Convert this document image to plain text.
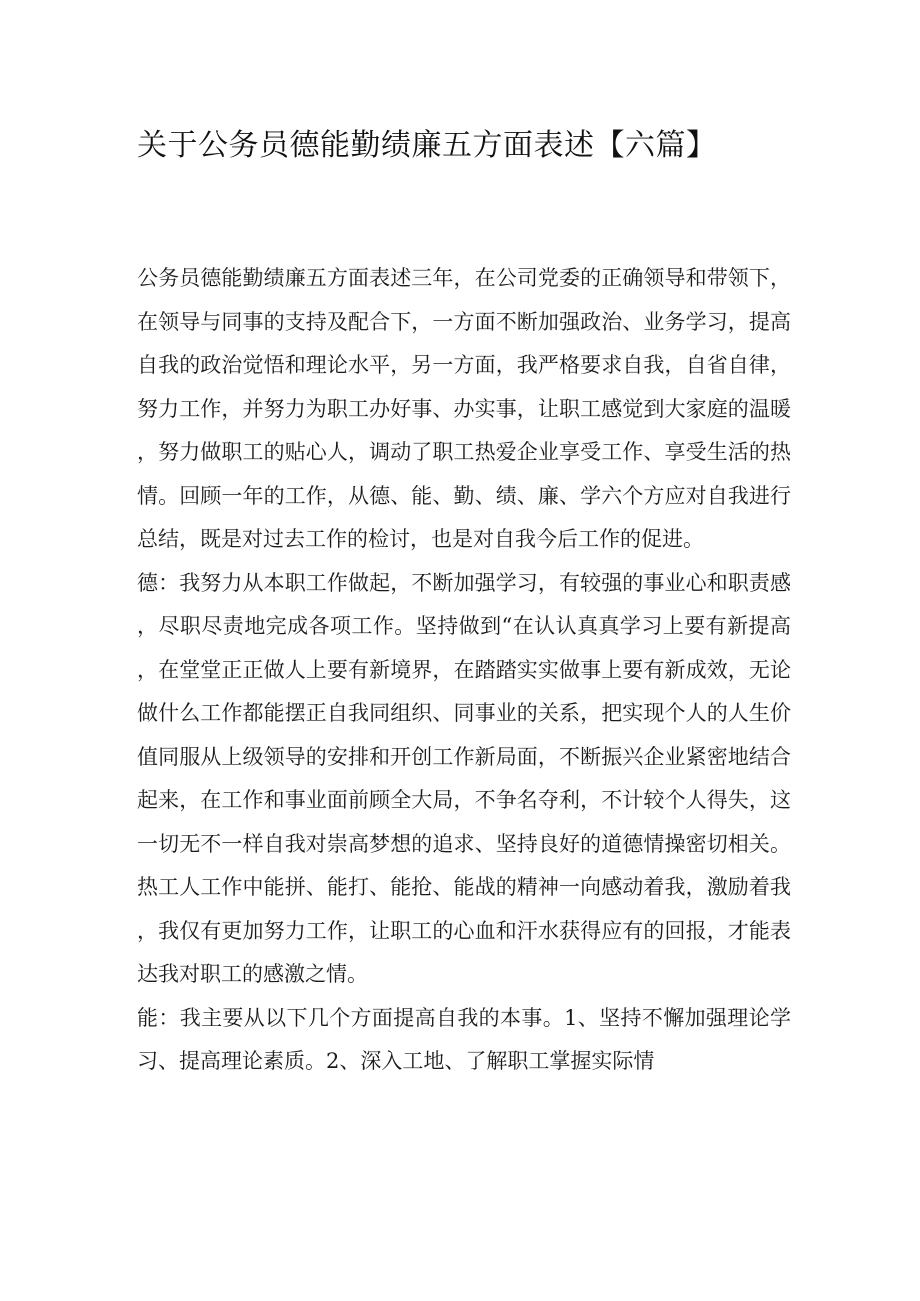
关于公务员德能勤绩廉五方面表述【六篇】

公务员德能勤绩廉五方面表述三年，在公司党委的正确领导和带领下，在领导与同事的支持及配合下，一方面不断加强政治、业务学习，提高自我的政治觉悟和理论水平，另一方面，我严格要求自我，自省自律，努力工作，并努力为职工办好事、办实事，让职工感觉到大家庭的温暖，努力做职工的贴心人，调动了职工热爱企业享受工作、享受生活的热情。回顾一年的工作，从德、能、勤、绩、廉、学六个方应对自我进行总结，既是对过去工作的检讨，也是对自我今后工作的促进。

德：我努力从本职工作做起，不断加强学习，有较强的事业心和职责感，尽职尽责地完成各项工作。坚持做到“在认认真真学习上要有新提高，在堂堂正正做人上要有新境界，在踏踏实实做事上要有新成效，无论做什么工作都能摆正自我同组织、同事业的关系，把实现个人的人生价值同服从上级领导的安排和开创工作新局面，不断振兴企业紧密地结合起来，在工作和事业面前顾全大局，不争名夺利，不计较个人得失，这一切无不一样自我对崇高梦想的追求、坚持良好的道德情操密切相关。热工人工作中能拼、能打、能抢、能战的精神一向感动着我，激励着我，我仅有更加努力工作，让职工的心血和汗水获得应有的回报，才能表达我对职工的感激之情。

能：我主要从以下几个方面提高自我的本事。1、坚持不懈加强理论学习、提高理论素质。2、深入工地、了解职工掌握实际情
